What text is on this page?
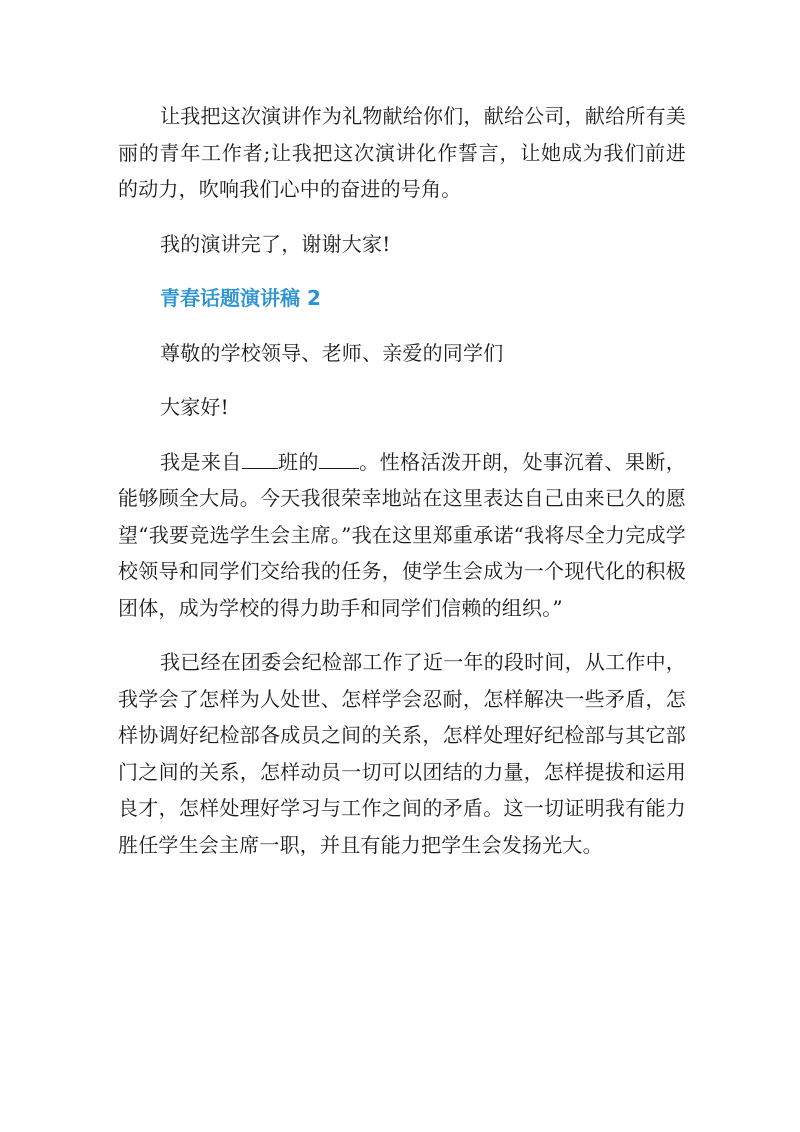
让我把这次演讲作为礼物献给你们，献给公司，献给所有美丽的青年工作者;让我把这次演讲化作誓言，让她成为我们前进的动力，吹响我们心中的奋进的号角。

我的演讲完了，谢谢大家!

青春话题演讲稿 2

尊敬的学校领导、老师、亲爱的同学们

大家好!

我是来自 班的 。性格活泼开朗，处事沉着、果断，能够顾全大局。今天我很荣幸地站在这里表达自己由来已久的愿望“我要竞选学生会主席。”我在这里郑重承诺“我将尽全力完成学校领导和同学们交给我的任务，使学生会成为一个现代化的积极团体，成为学校的得力助手和同学们信赖的组织。”

我已经在团委会纪检部工作了近一年的段时间，从工作中，我学会了怎样为人处世、怎样学会忍耐，怎样解决一些矛盾，怎样协调好纪检部各成员之间的关系，怎样处理好纪检部与其它部门之间的关系，怎样动员一切可以团结的力量，怎样提拔和运用良才，怎样处理好学习与工作之间的矛盾。这一切证明我有能力胜任学生会主席一职，并且有能力把学生会发扬光大。
